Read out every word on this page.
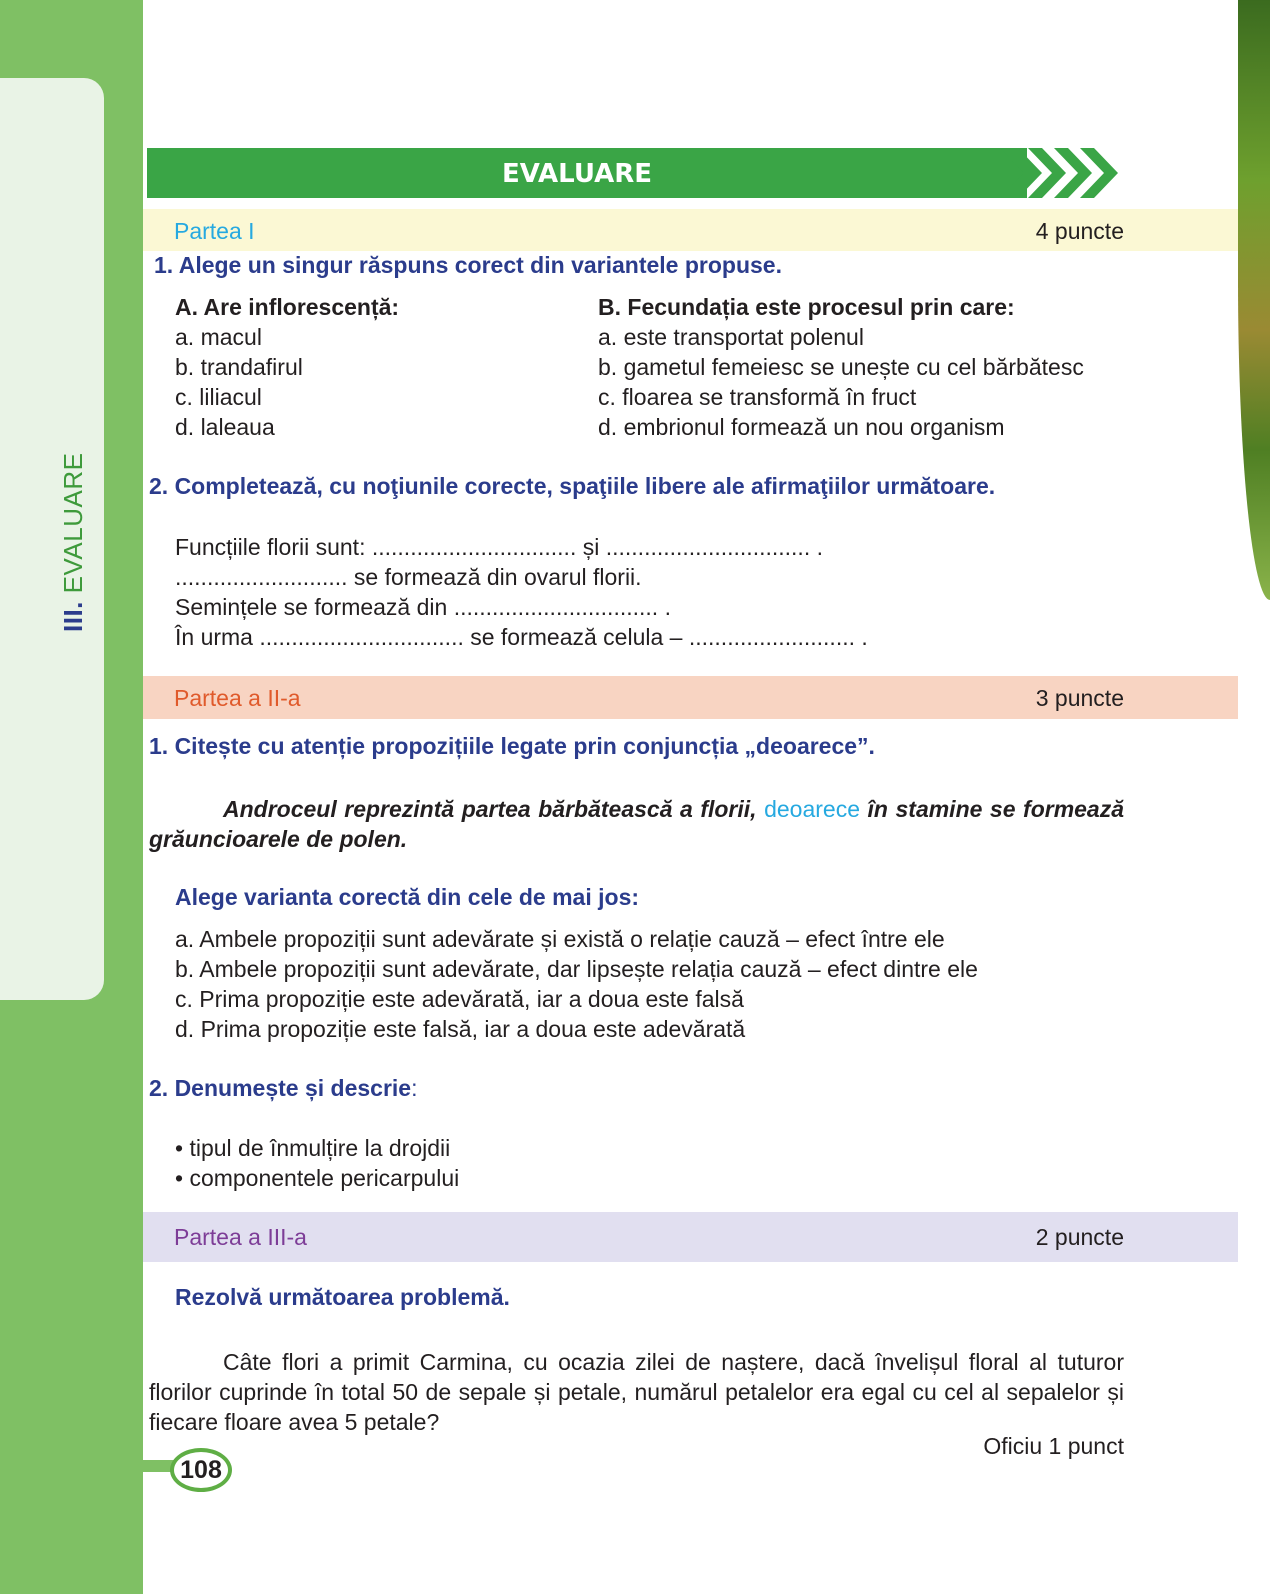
III. EVALUARE
EVALUARE
Partea I	4 puncte
1. Alege un singur răspuns corect din variantele propuse.
A. Are inflorescență:
a. macul
b. trandafirul
c. liliacul
d. laleaua
B. Fecundația este procesul prin care:
a. este transportat polenul
b. gametul femeiesc se unește cu cel bărbătesc
c. floarea se transformă în fruct
d. embrionul formează un nou organism
2. Completează, cu noţiunile corecte, spaţiile libere ale afirmaţiilor următoare.
Funcțiile florii sunt: ................................ și ................................ .
........................... se formează din ovarul florii.
Semințele se formează din ................................ .
În urma ................................ se formează celula – .......................... .
Partea a II-a	3 puncte
1. Citește cu atenție propozițiile legate prin conjuncția „deoarece”.
Androceul reprezintă partea bărbătească a florii, deoarece în stamine se formează grăuncioarele de polen.
Alege varianta corectă din cele de mai jos:
a. Ambele propoziții sunt adevărate și există o relație cauză – efect între ele
b. Ambele propoziții sunt adevărate, dar lipsește relația cauză – efect dintre ele
c. Prima propoziție este adevărată, iar a doua este falsă
d. Prima propoziție este falsă, iar a doua este adevărată
2. Denumește și descrie:
• tipul de înmulțire la drojdii
• componentele pericarpului
Partea a III-a	2 puncte
Rezolvă următoarea problemă.
Câte flori a primit Carmina, cu ocazia zilei de naștere, dacă învelișul floral al tuturor florilor cuprinde în total 50 de sepale și petale, numărul petalelor era egal cu cel al sepalelor și fiecare floare avea 5 petale?
Oficiu 1 punct
108
